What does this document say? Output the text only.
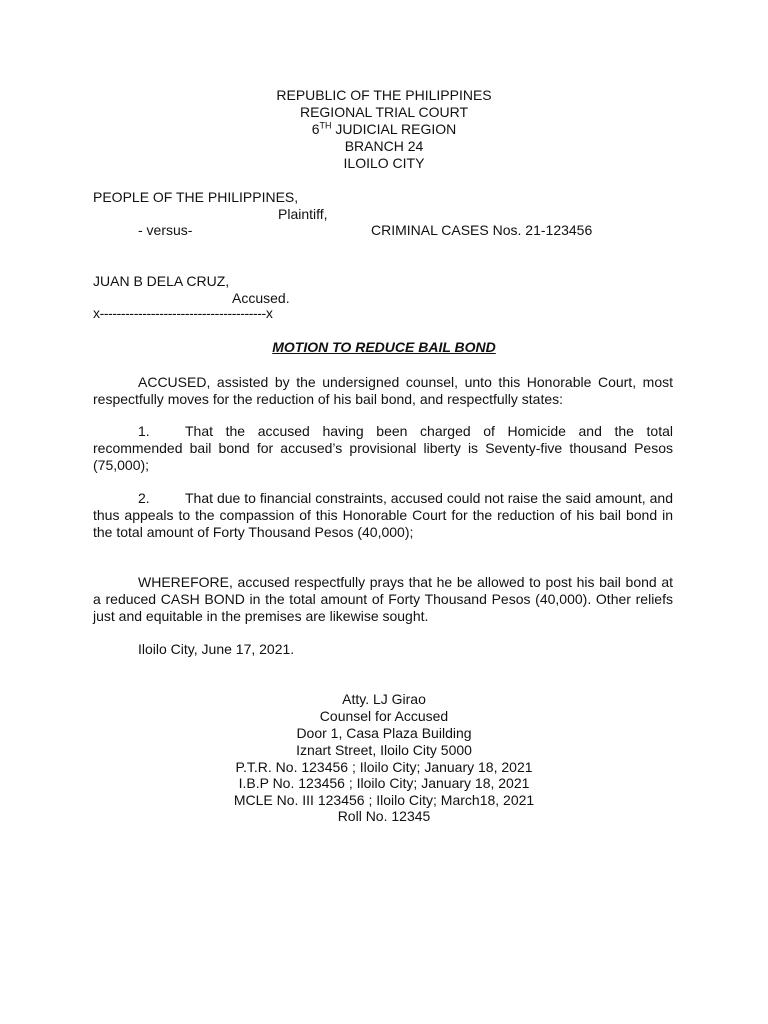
REPUBLIC OF THE PHILIPPINES
REGIONAL TRIAL COURT
6TH JUDICIAL REGION
BRANCH 24
ILOILO CITY
PEOPLE OF THE PHILIPPINES,
Plaintiff,
- versus-	CRIMINAL CASES Nos. 21-123456
JUAN B DELA CRUZ,
Accused.
x---------------------------------------x
MOTION TO REDUCE BAIL BOND
ACCUSED, assisted by the undersigned counsel, unto this Honorable Court, most respectfully moves for the reduction of his bail bond, and respectfully states:
1.	That the accused having been charged of Homicide and the total recommended bail bond for accused’s provisional liberty is Seventy-five thousand Pesos (75,000);
2.	That due to financial constraints, accused could not raise the said amount, and thus appeals to the compassion of this Honorable Court for the reduction of his bail bond in the total amount of Forty Thousand Pesos (40,000);
WHEREFORE, accused respectfully prays that he be allowed to post his bail bond at a reduced CASH BOND in the total amount of Forty Thousand Pesos (40,000). Other reliefs just and equitable in the premises are likewise sought.
Iloilo City, June 17, 2021.
Atty. LJ Girao
Counsel for Accused
Door 1, Casa Plaza Building
Iznart Street, Iloilo City 5000
P.T.R. No. 123456 ; Iloilo City; January 18, 2021
I.B.P No. 123456 ; Iloilo City; January 18, 2021
MCLE No. III 123456 ; Iloilo City; March18, 2021
Roll No. 12345
